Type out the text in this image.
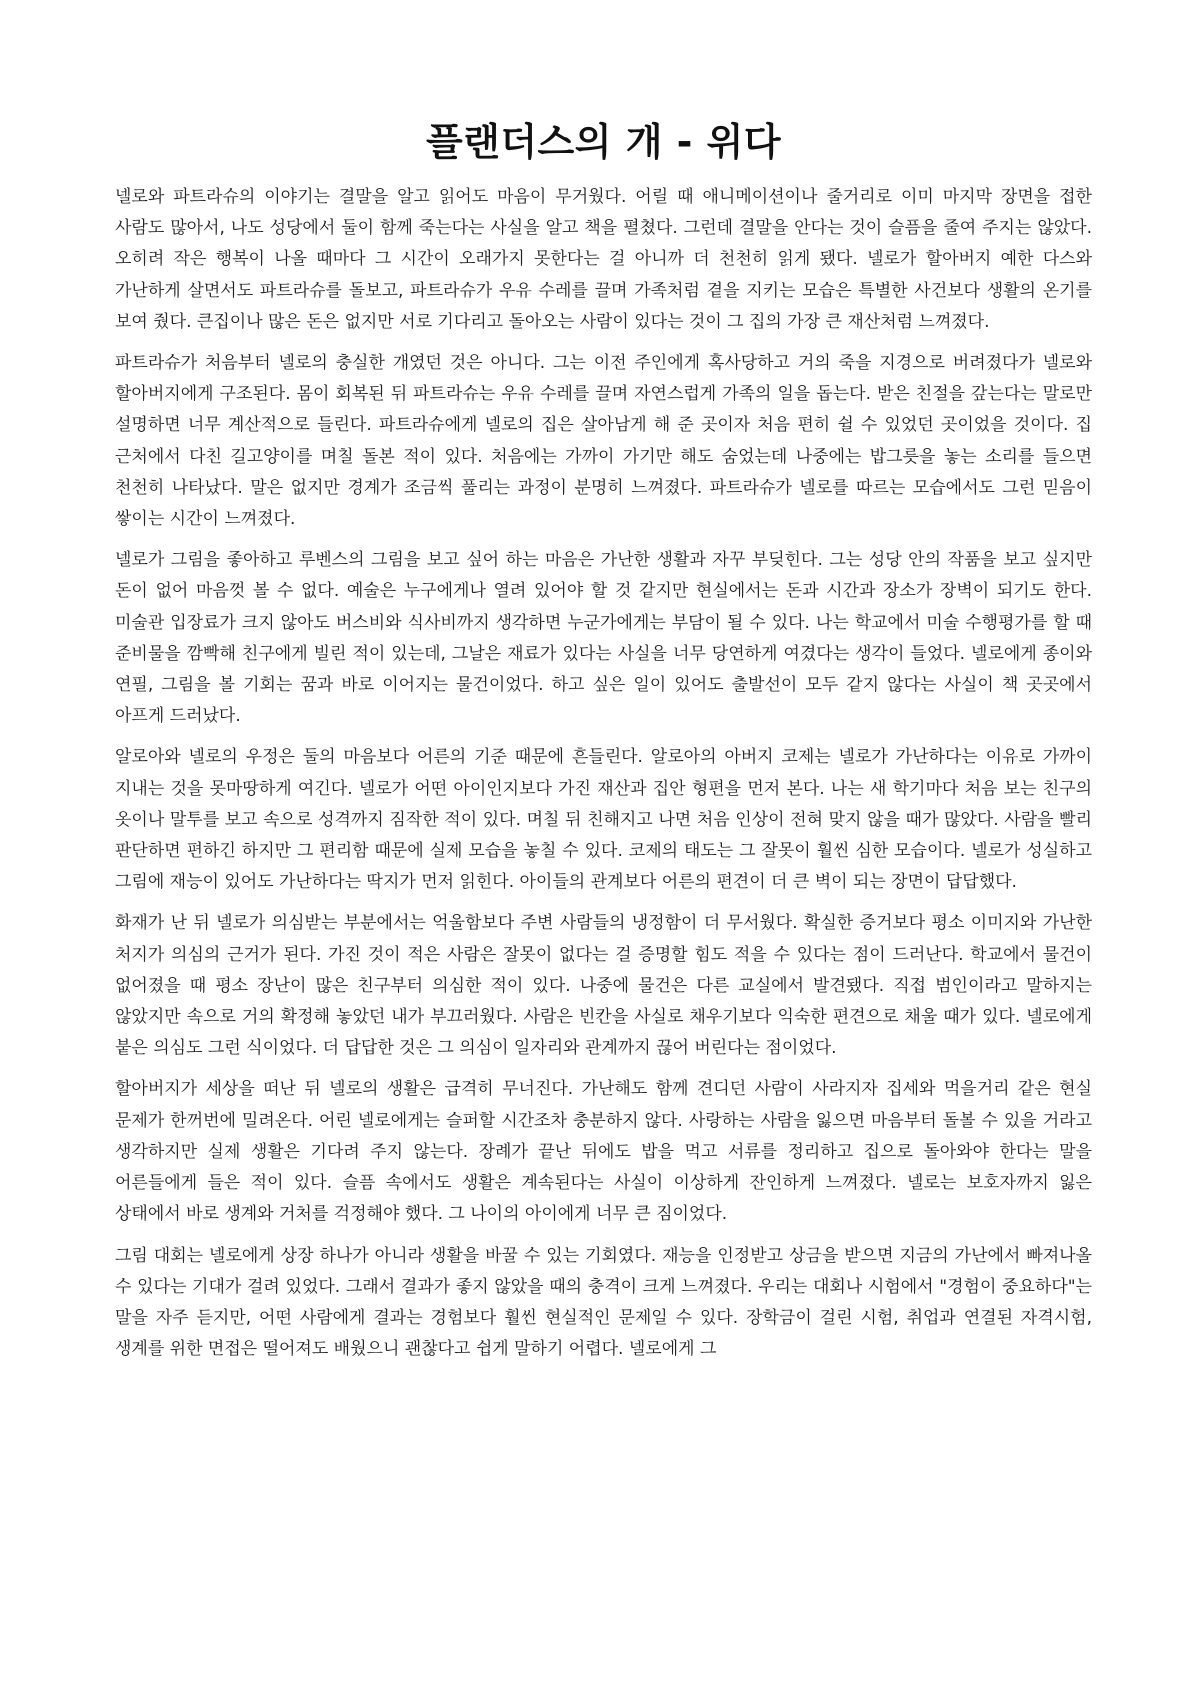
플랜더스의 개 - 위다

넬로와 파트라슈의 이야기는 결말을 알고 읽어도 마음이 무거웠다. 어릴 때 애니메이션이나 줄거리로 이미 마지막 장면을 접한 사람도 많아서, 나도 성당에서 둘이 함께 죽는다는 사실을 알고 책을 펼쳤다. 그런데 결말을 안다는 것이 슬픔을 줄여 주지는 않았다. 오히려 작은 행복이 나올 때마다 그 시간이 오래가지 못한다는 걸 아니까 더 천천히 읽게 됐다. 넬로가 할아버지 예한 다스와 가난하게 살면서도 파트라슈를 돌보고, 파트라슈가 우유 수레를 끌며 가족처럼 곁을 지키는 모습은 특별한 사건보다 생활의 온기를 보여 줬다. 큰집이나 많은 돈은 없지만 서로 기다리고 돌아오는 사람이 있다는 것이 그 집의 가장 큰 재산처럼 느껴졌다.

파트라슈가 처음부터 넬로의 충실한 개였던 것은 아니다. 그는 이전 주인에게 혹사당하고 거의 죽을 지경으로 버려졌다가 넬로와 할아버지에게 구조된다. 몸이 회복된 뒤 파트라슈는 우유 수레를 끌며 자연스럽게 가족의 일을 돕는다. 받은 친절을 갚는다는 말로만 설명하면 너무 계산적으로 들린다. 파트라슈에게 넬로의 집은 살아남게 해 준 곳이자 처음 편히 쉴 수 있었던 곳이었을 것이다. 집 근처에서 다친 길고양이를 며칠 돌본 적이 있다. 처음에는 가까이 가기만 해도 숨었는데 나중에는 밥그릇을 놓는 소리를 들으면 천천히 나타났다. 말은 없지만 경계가 조금씩 풀리는 과정이 분명히 느껴졌다. 파트라슈가 넬로를 따르는 모습에서도 그런 믿음이 쌓이는 시간이 느껴졌다.

넬로가 그림을 좋아하고 루벤스의 그림을 보고 싶어 하는 마음은 가난한 생활과 자꾸 부딪힌다. 그는 성당 안의 작품을 보고 싶지만 돈이 없어 마음껏 볼 수 없다. 예술은 누구에게나 열려 있어야 할 것 같지만 현실에서는 돈과 시간과 장소가 장벽이 되기도 한다. 미술관 입장료가 크지 않아도 버스비와 식사비까지 생각하면 누군가에게는 부담이 될 수 있다. 나는 학교에서 미술 수행평가를 할 때 준비물을 깜빡해 친구에게 빌린 적이 있는데, 그날은 재료가 있다는 사실을 너무 당연하게 여겼다는 생각이 들었다. 넬로에게 종이와 연필, 그림을 볼 기회는 꿈과 바로 이어지는 물건이었다. 하고 싶은 일이 있어도 출발선이 모두 같지 않다는 사실이 책 곳곳에서 아프게 드러났다.

알로아와 넬로의 우정은 둘의 마음보다 어른의 기준 때문에 흔들린다. 알로아의 아버지 코제는 넬로가 가난하다는 이유로 가까이 지내는 것을 못마땅하게 여긴다. 넬로가 어떤 아이인지보다 가진 재산과 집안 형편을 먼저 본다. 나는 새 학기마다 처음 보는 친구의 옷이나 말투를 보고 속으로 성격까지 짐작한 적이 있다. 며칠 뒤 친해지고 나면 처음 인상이 전혀 맞지 않을 때가 많았다. 사람을 빨리 판단하면 편하긴 하지만 그 편리함 때문에 실제 모습을 놓칠 수 있다. 코제의 태도는 그 잘못이 훨씬 심한 모습이다. 넬로가 성실하고 그림에 재능이 있어도 가난하다는 딱지가 먼저 읽힌다. 아이들의 관계보다 어른의 편견이 더 큰 벽이 되는 장면이 답답했다.

화재가 난 뒤 넬로가 의심받는 부분에서는 억울함보다 주변 사람들의 냉정함이 더 무서웠다. 확실한 증거보다 평소 이미지와 가난한 처지가 의심의 근거가 된다. 가진 것이 적은 사람은 잘못이 없다는 걸 증명할 힘도 적을 수 있다는 점이 드러난다. 학교에서 물건이 없어졌을 때 평소 장난이 많은 친구부터 의심한 적이 있다. 나중에 물건은 다른 교실에서 발견됐다. 직접 범인이라고 말하지는 않았지만 속으로 거의 확정해 놓았던 내가 부끄러웠다. 사람은 빈칸을 사실로 채우기보다 익숙한 편견으로 채울 때가 있다. 넬로에게 붙은 의심도 그런 식이었다. 더 답답한 것은 그 의심이 일자리와 관계까지 끊어 버린다는 점이었다.

할아버지가 세상을 떠난 뒤 넬로의 생활은 급격히 무너진다. 가난해도 함께 견디던 사람이 사라지자 집세와 먹을거리 같은 현실 문제가 한꺼번에 밀려온다. 어린 넬로에게는 슬퍼할 시간조차 충분하지 않다. 사랑하는 사람을 잃으면 마음부터 돌볼 수 있을 거라고 생각하지만 실제 생활은 기다려 주지 않는다. 장례가 끝난 뒤에도 밥을 먹고 서류를 정리하고 집으로 돌아와야 한다는 말을 어른들에게 들은 적이 있다. 슬픔 속에서도 생활은 계속된다는 사실이 이상하게 잔인하게 느껴졌다. 넬로는 보호자까지 잃은 상태에서 바로 생계와 거처를 걱정해야 했다. 그 나이의 아이에게 너무 큰 짐이었다.

그림 대회는 넬로에게 상장 하나가 아니라 생활을 바꿀 수 있는 기회였다. 재능을 인정받고 상금을 받으면 지금의 가난에서 빠져나올 수 있다는 기대가 걸려 있었다. 그래서 결과가 좋지 않았을 때의 충격이 크게 느껴졌다. 우리는 대회나 시험에서 "경험이 중요하다"는 말을 자주 듣지만, 어떤 사람에게 결과는 경험보다 훨씬 현실적인 문제일 수 있다. 장학금이 걸린 시험, 취업과 연결된 자격시험, 생계를 위한 면접은 떨어져도 배웠으니 괜찮다고 쉽게 말하기 어렵다. 넬로에게 그
